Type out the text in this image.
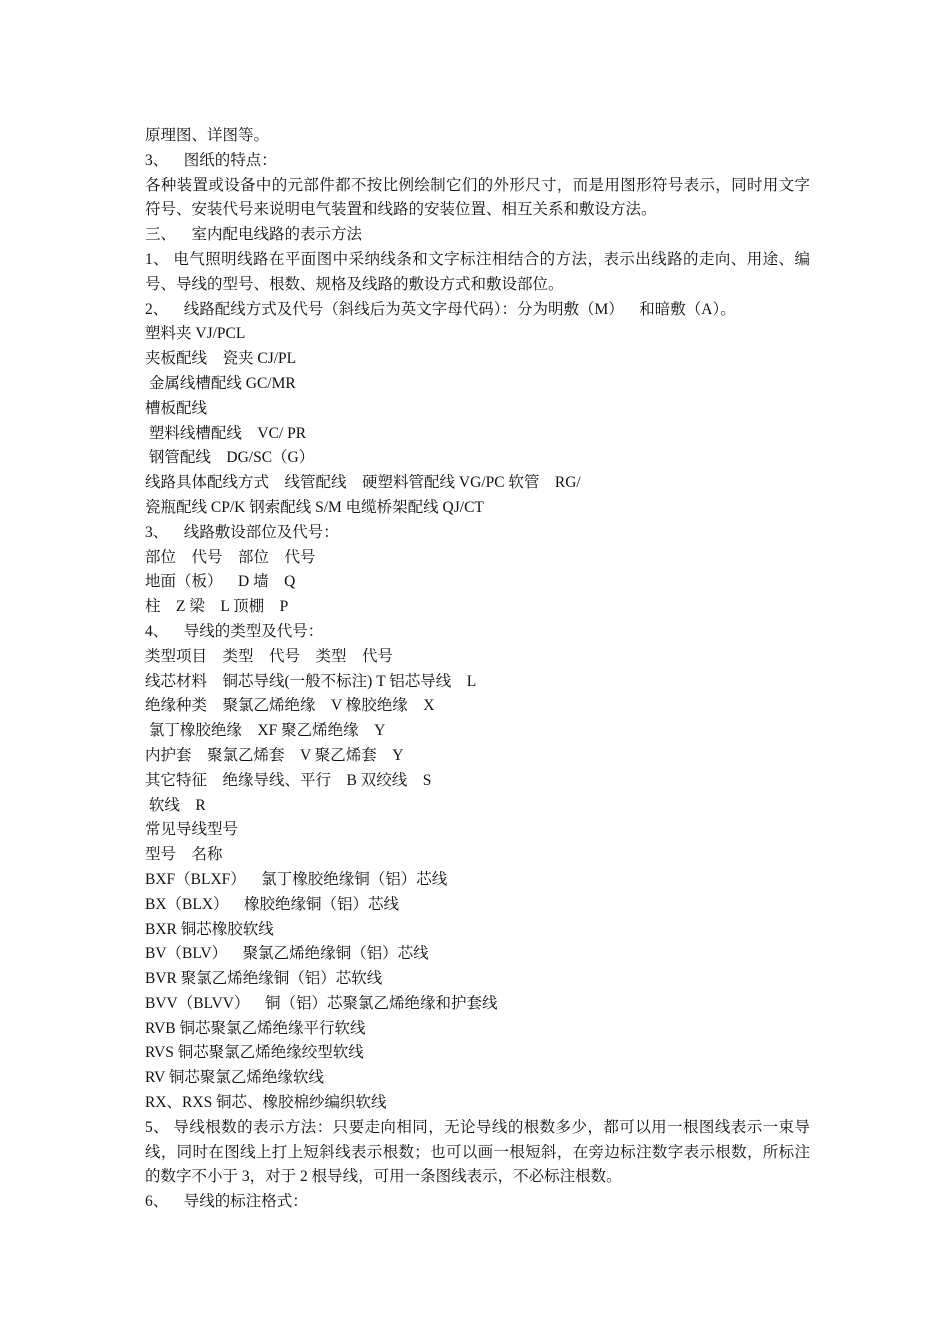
原理图、详图等。

3、    图纸的特点：

各种装置或设备中的元部件都不按比例绘制它们的外形尺寸，而是用图形符号表示，同时用文字符号、安装代号来说明电气装置和线路的安装位置、相互关系和敷设方法。

三、    室内配电线路的表示方法

1、 电气照明线路在平面图中采纳线条和文字标注相结合的方法，表示出线路的走向、用途、编号、导线的型号、根数、规格及线路的敷设方式和敷设部位。

2、    线路配线方式及代号（斜线后为英文字母代码）：分为明敷（M）    和暗敷（A）。

塑料夹 VJ/PCL

夹板配线    瓷夹 CJ/PL

金属线槽配线 GC/MR

槽板配线

塑料线槽配线    VC/ PR

钢管配线    DG/SC（G）

线路具体配线方式    线管配线    硬塑料管配线 VG/PC 软管    RG/

瓷瓶配线 CP/K 钢索配线 S/M 电缆桥架配线 QJ/CT

3、    线路敷设部位及代号：

部位    代号    部位    代号

地面（板）    D 墙    Q

柱    Z 梁    L 顶棚    P

4、    导线的类型及代号：

类型项目    类型    代号    类型    代号

线芯材料    铜芯导线(一般不标注) T 铝芯导线    L

绝缘种类    聚氯乙烯绝缘    V 橡胶绝缘    X

氯丁橡胶绝缘    XF 聚乙烯绝缘    Y

内护套    聚氯乙烯套    V 聚乙烯套    Y

其它特征    绝缘导线、平行    B 双绞线    S

软线    R

常见导线型号

型号    名称

BXF（BLXF）    氯丁橡胶绝缘铜（铝）芯线

BX（BLX）    橡胶绝缘铜（铝）芯线

BXR 铜芯橡胶软线

BV（BLV）    聚氯乙烯绝缘铜（铝）芯线

BVR 聚氯乙烯绝缘铜（铝）芯软线

BVV（BLVV）    铜（铝）芯聚氯乙烯绝缘和护套线

RVB 铜芯聚氯乙烯绝缘平行软线

RVS 铜芯聚氯乙烯绝缘绞型软线

RV 铜芯聚氯乙烯绝缘软线

RX、RXS 铜芯、橡胶棉纱编织软线

5、 导线根数的表示方法：只要走向相同，无论导线的根数多少，都可以用一根图线表示一束导线，同时在图线上打上短斜线表示根数；也可以画一根短斜，在旁边标注数字表示根数，所标注的数字不小于 3，对于 2 根导线，可用一条图线表示，不必标注根数。

6、    导线的标注格式：
